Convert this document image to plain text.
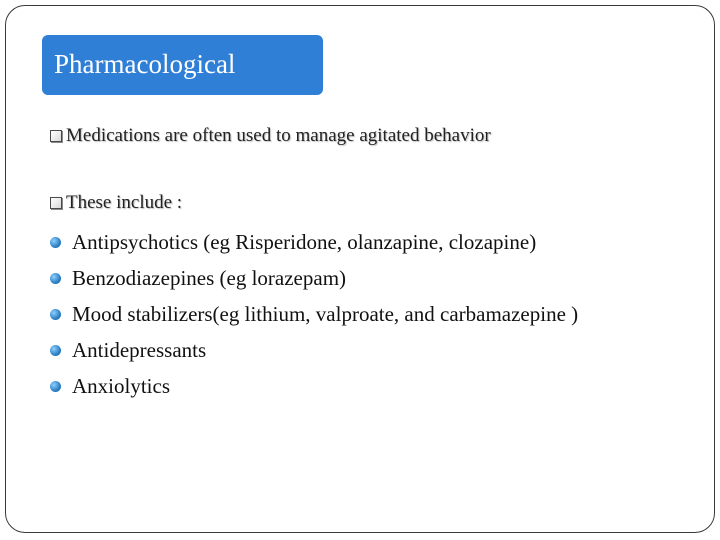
Pharmacological
Medications are often used to manage agitated behavior
These include :
Antipsychotics (eg Risperidone, olanzapine, clozapine)
Benzodiazepines (eg lorazepam)
Mood stabilizers(eg lithium, valproate, and carbamazepine )
Antidepressants
Anxiolytics
